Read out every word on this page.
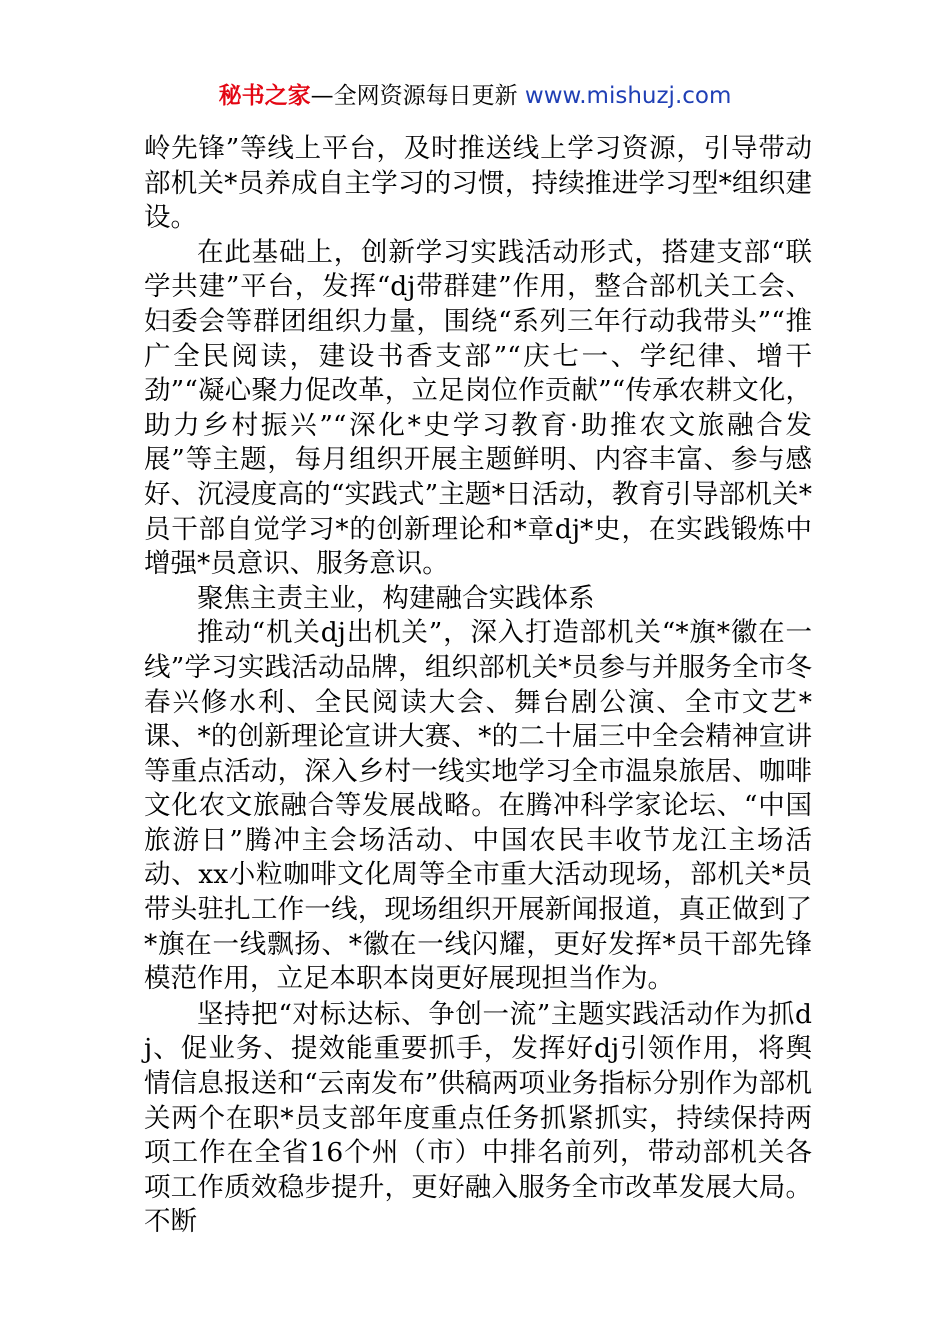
秘书之家—全网资源每日更新 www.mishuzj.com

岭先锋”等线上平台，及时推送线上学习资源，引导带动部机关*员养成自主学习的习惯，持续推进学习型*组织建设。

在此基础上，创新学习实践活动形式，搭建支部“联学共建”平台，发挥“dj带群建”作用，整合部机关工会、妇委会等群团组织力量，围绕“系列三年行动我带头”“推广全民阅读，建设书香支部”“庆七一、学纪律、增干劲”“凝心聚力促改革，立足岗位作贡献”“传承农耕文化，助力乡村振兴”“深化*史学习教育·助推农文旅融合发展”等主题，每月组织开展主题鲜明、内容丰富、参与感好、沉浸度高的“实践式”主题*日活动，教育引导部机关*员干部自觉学习*的创新理论和*章dj*史，在实践锻炼中增强*员意识、服务意识。

聚焦主责主业，构建融合实践体系

推动“机关dj出机关”，深入打造部机关“*旗*徽在一线”学习实践活动品牌，组织部机关*员参与并服务全市冬春兴修水利、全民阅读大会、舞台剧公演、全市文艺*课、*的创新理论宣讲大赛、*的二十届三中全会精神宣讲等重点活动，深入乡村一线实地学习全市温泉旅居、咖啡文化农文旅融合等发展战略。在腾冲科学家论坛、“中国旅游日”腾冲主会场活动、中国农民丰收节龙江主场活动、xx小粒咖啡文化周等全市重大活动现场，部机关*员带头驻扎工作一线，现场组织开展新闻报道，真正做到了*旗在一线飘扬、*徽在一线闪耀，更好发挥*员干部先锋模范作用，立足本职本岗更好展现担当作为。

坚持把“对标达标、争创一流”主题实践活动作为抓dj、促业务、提效能重要抓手，发挥好dj引领作用，将舆情信息报送和“云南发布”供稿两项业务指标分别作为部机关两个在职*员支部年度重点任务抓紧抓实，持续保持两项工作在全省16个州（市）中排名前列，带动部机关各项工作质效稳步提升，更好融入服务全市改革发展大局。不断
